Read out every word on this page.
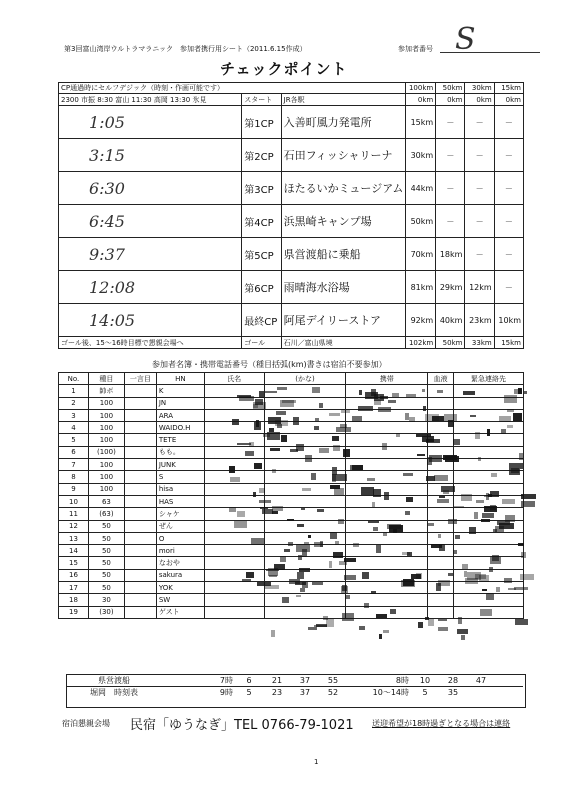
第3回富山湾岸ウルトラマラニック　参加者携行用シート（2011.6.15作成）	参加者番号 S
チェックポイント
CP通過時にセルフデジック（時刻・作画可能です）			100km	50km	30km	15km
2300 市振 8:30 富山 11:30 高岡 13:30 氷見	スタート	JR各駅	0km	0km	0km	0km
1:05	第1CP	入善町風力発電所	15km	－	－	－
3:15	第2CP	石田フィッシャリーナ	30km	－	－	－
6:30	第3CP	ほたるいかミュージアム	44km	－	－	－
6:45	第4CP	浜黒崎キャンプ場	50km	－	－	－
9:37	第5CP	県営渡船に乗船	70km	18km	－	－
12:08	第6CP	雨晴海水浴場	81km	29km	12km	－
14:05	最終CP	阿尾デイリーストア	92km	40km	23km	10km
ゴール後、15～16時目標で懇親会場へ	ゴール	石川／富山県境	102km	50km	33km	15km
参加者名簿・携帯電話番号（種目括弧(km)書きは宿泊不要参加）
No.	種目	一言目	HN	氏名	(かな)	携帯	血液	緊急連絡先
1	帥ボ		K					
2	100		JN					
3	100		ARA					
4	100		WAIDO.H					
5	100		TETE					
6	(100)		もも。					
7	100		JUNK					
8	100		S					
9	100		hisa					
10	63		HAS					
11	(63)		シャケ					
12	50		ぜん					
13	50		O					
14	50		mori					
15	50		なおや					
16	50		sakura					
17	50		YOK					
18	30		SW					
19	(30)		ゲスト					
県営渡船	7時	6	21	37	55	8時	10	28	47	
堀岡　時刻表	9時	5	23	37	52	10～14時	5	35		
宿泊懇親会場 民宿「ゆうなぎ」TEL 0766-79-1021 送迎希望が18時過ぎとなる場合は連絡
1
